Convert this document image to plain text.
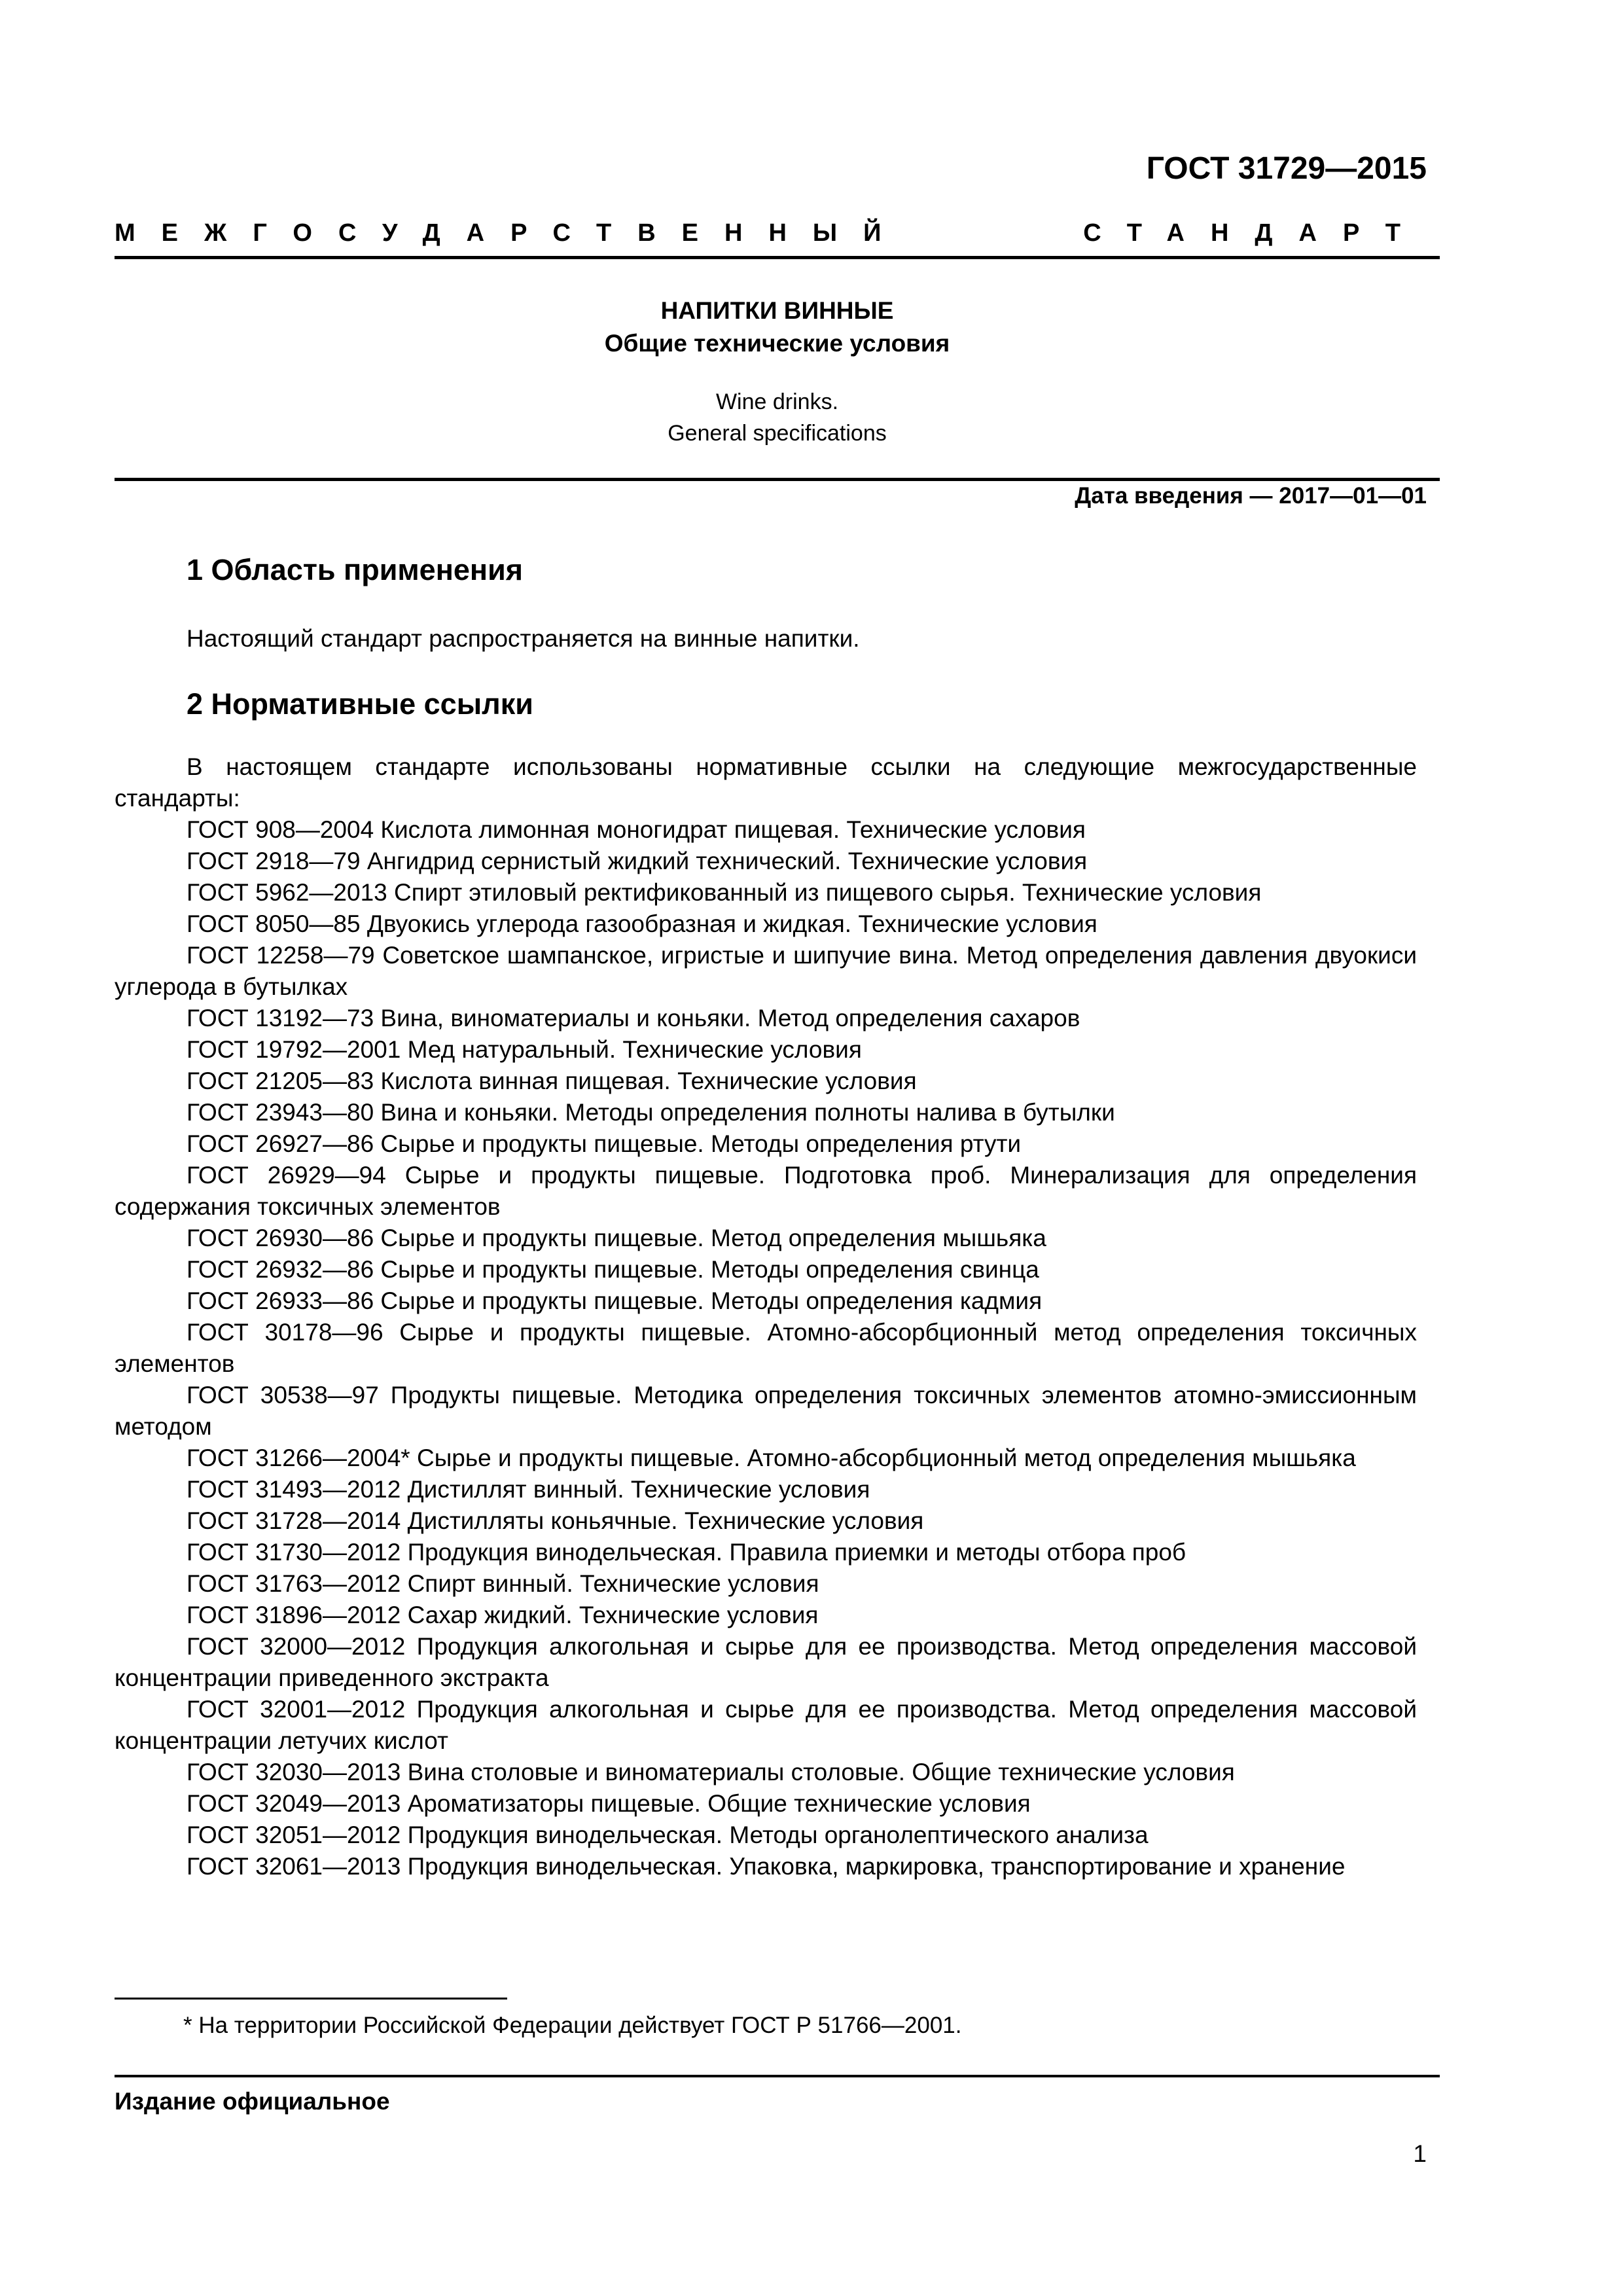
ГОСТ 31729—2015
МЕЖГОСУДАРСТВЕННЫЙ СТАНДАРТ
НАПИТКИ ВИННЫЕ
Общие технические условия
Wine drinks.
General specifications
Дата введения — 2017—01—01
1 Область применения
Настоящий стандарт распространяется на винные напитки.
2 Нормативные ссылки
В настоящем стандарте использованы нормативные ссылки на следующие межгосударственные стандарты:
ГОСТ 908—2004 Кислота лимонная моногидрат пищевая. Технические условия
ГОСТ 2918—79 Ангидрид сернистый жидкий технический. Технические условия
ГОСТ 5962—2013 Спирт этиловый ректификованный из пищевого сырья. Технические условия
ГОСТ 8050—85 Двуокись углерода газообразная и жидкая. Технические условия
ГОСТ 12258—79 Советское шампанское, игристые и шипучие вина. Метод определения давления двуокиси углерода в бутылках
ГОСТ 13192—73 Вина, виноматериалы и коньяки. Метод определения сахаров
ГОСТ 19792—2001 Мед натуральный. Технические условия
ГОСТ 21205—83 Кислота винная пищевая. Технические условия
ГОСТ 23943—80 Вина и коньяки. Методы определения полноты налива в бутылки
ГОСТ 26927—86 Сырье и продукты пищевые. Методы определения ртути
ГОСТ 26929—94 Сырье и продукты пищевые. Подготовка проб. Минерализация для определения содержания токсичных элементов
ГОСТ 26930—86 Сырье и продукты пищевые. Метод определения мышьяка
ГОСТ 26932—86 Сырье и продукты пищевые. Методы определения свинца
ГОСТ 26933—86 Сырье и продукты пищевые. Методы определения кадмия
ГОСТ 30178—96 Сырье и продукты пищевые. Атомно-абсорбционный метод определения токсичных элементов
ГОСТ 30538—97 Продукты пищевые. Методика определения токсичных элементов атомно-эмиссионным методом
ГОСТ 31266—2004* Сырье и продукты пищевые. Атомно-абсорбционный метод определения мышьяка
ГОСТ 31493—2012 Дистиллят винный. Технические условия
ГОСТ 31728—2014 Дистилляты коньячные. Технические условия
ГОСТ 31730—2012 Продукция винодельческая. Правила приемки и методы отбора проб
ГОСТ 31763—2012 Спирт винный. Технические условия
ГОСТ 31896—2012 Сахар жидкий. Технические условия
ГОСТ 32000—2012 Продукция алкогольная и сырье для ее производства. Метод определения массовой концентрации приведенного экстракта
ГОСТ 32001—2012 Продукция алкогольная и сырье для ее производства. Метод определения массовой концентрации летучих кислот
ГОСТ 32030—2013 Вина столовые и виноматериалы столовые. Общие технические условия
ГОСТ 32049—2013 Ароматизаторы пищевые. Общие технические условия
ГОСТ 32051—2012 Продукция винодельческая. Методы органолептического анализа
ГОСТ 32061—2013 Продукция винодельческая. Упаковка, маркировка, транспортирование и хранение
* На территории Российской Федерации действует ГОСТ Р 51766—2001.
Издание официальное
1
